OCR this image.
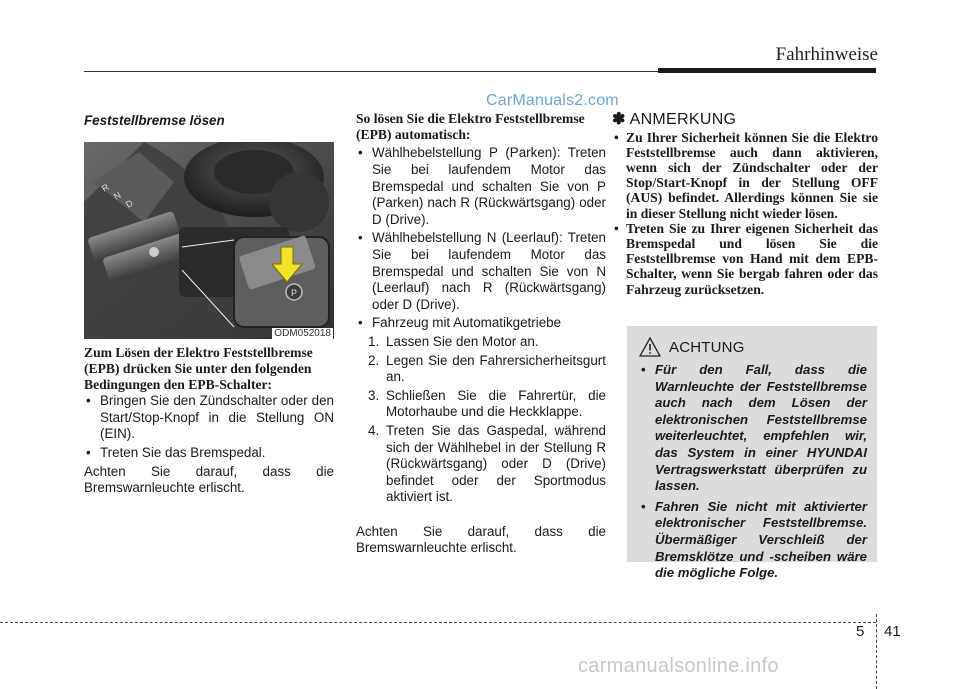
Fahrhinweise
CarManuals2.com
Feststellbremse lösen
P
R
N
D
ODM052018
Zum Lösen der Elektro Feststellbremse (EPB) drücken Sie unter den folgenden Bedingungen den EPB-Schalter:
• Bringen Sie den Zündschalter oder den Start/Stop-Knopf in die Stellung ON (EIN).
• Treten Sie das Bremspedal.
Achten Sie darauf, dass die Bremswarnleuchte erlischt.
So lösen Sie die Elektro Feststellbremse (EPB) automatisch:
• Wählhebelstellung P (Parken): Treten Sie bei laufendem Motor das Bremspedal und schalten Sie von P (Parken) nach R (Rückwärtsgang) oder D (Drive).
• Wählhebelstellung N (Leerlauf): Treten Sie bei laufendem Motor das Bremspedal und schalten Sie von N (Leerlauf) nach R (Rückwärtsgang) oder D (Drive).
• Fahrzeug mit Automatikgetriebe
1. Lassen Sie den Motor an.
2. Legen Sie den Fahrersicherheitsgurt an.
3. Schließen Sie die Fahrertür, die Motorhaube und die Heckklappe.
4. Treten Sie das Gaspedal, während sich der Wählhebel in der Stellung R (Rückwärtsgang) oder D (Drive) befindet oder der Sportmodus aktiviert ist.
Achten Sie darauf, dass die Bremswarnleuchte erlischt.
✽ ANMERKUNG
• Zu Ihrer Sicherheit können Sie die Elektro Feststellbremse auch dann aktivieren, wenn sich der Zündschalter oder der Stop/Start-Knopf in der Stellung OFF (AUS) befindet. Allerdings können Sie sie in dieser Stellung nicht wieder lösen.
• Treten Sie zu Ihrer eigenen Sicherheit das Bremspedal und lösen Sie die Feststellbremse von Hand mit dem EPB-Schalter, wenn Sie bergab fahren oder das Fahrzeug zurücksetzen.
ACHTUNG
• Für den Fall, dass die Warnleuchte der Feststellbremse auch nach dem Lösen der elektronischen Feststellbremse weiterleuchtet, empfehlen wir, das System in einer HYUNDAI Vertragswerkstatt überprüfen zu lassen.
• Fahren Sie nicht mit aktivierter elektronischer Feststellbremse. Übermäßiger Verschleiß der Bremsklötze und -scheiben wäre die mögliche Folge.
5 41
carmanualsonline.info
